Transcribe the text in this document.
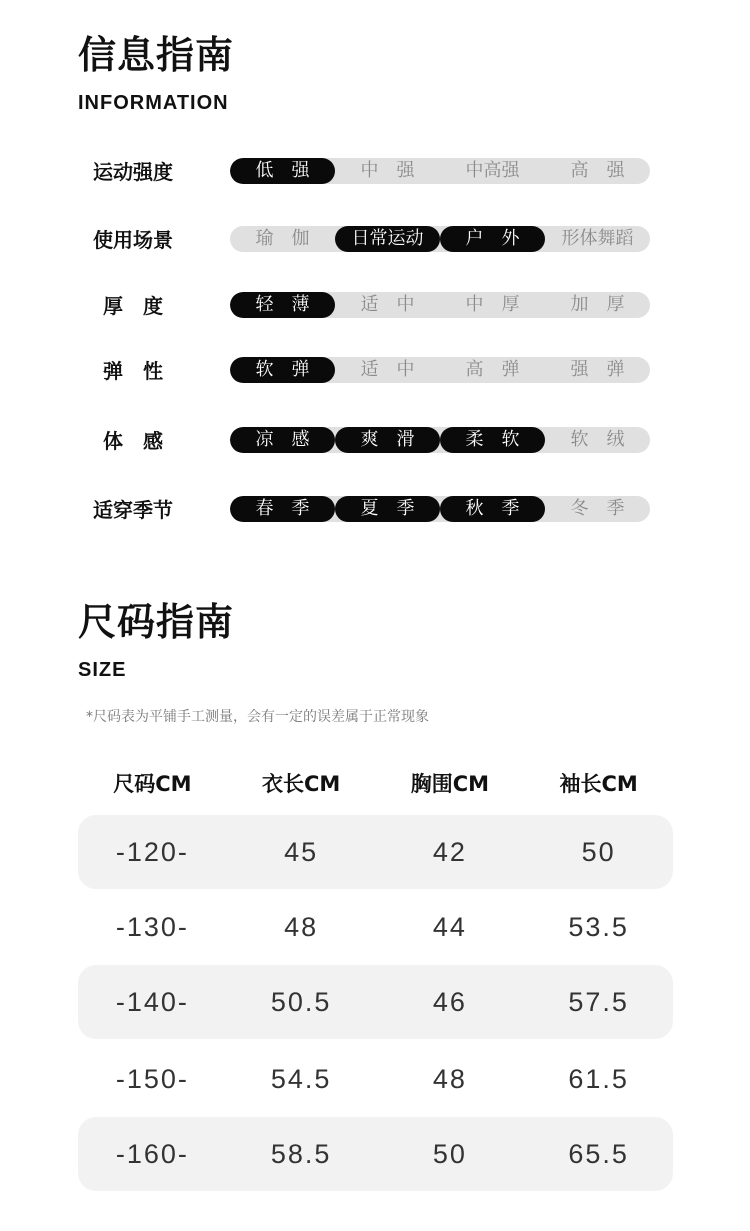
信息指南
INFORMATION
运动强度	低　强	中　强	中高强	高　强
使用场景	瑜　伽	日常运动	户　外	形体舞蹈
厚　度	轻　薄	适　中	中　厚	加　厚
弹　性	软　弹	适　中	高　弹	强　弹
体　感	凉　感	爽　滑	柔　软	软　绒
适穿季节	春　季	夏　季	秋　季	冬　季
尺码指南
SIZE

*尺码表为平铺手工测量，会有一定的误差属于正常现象

尺码CM	衣长CM	胸围CM	袖长CM
-120-	45	42	50
-130-	48	44	53.5
-140-	50.5	46	57.5
-150-	54.5	48	61.5
-160-	58.5	50	65.5
